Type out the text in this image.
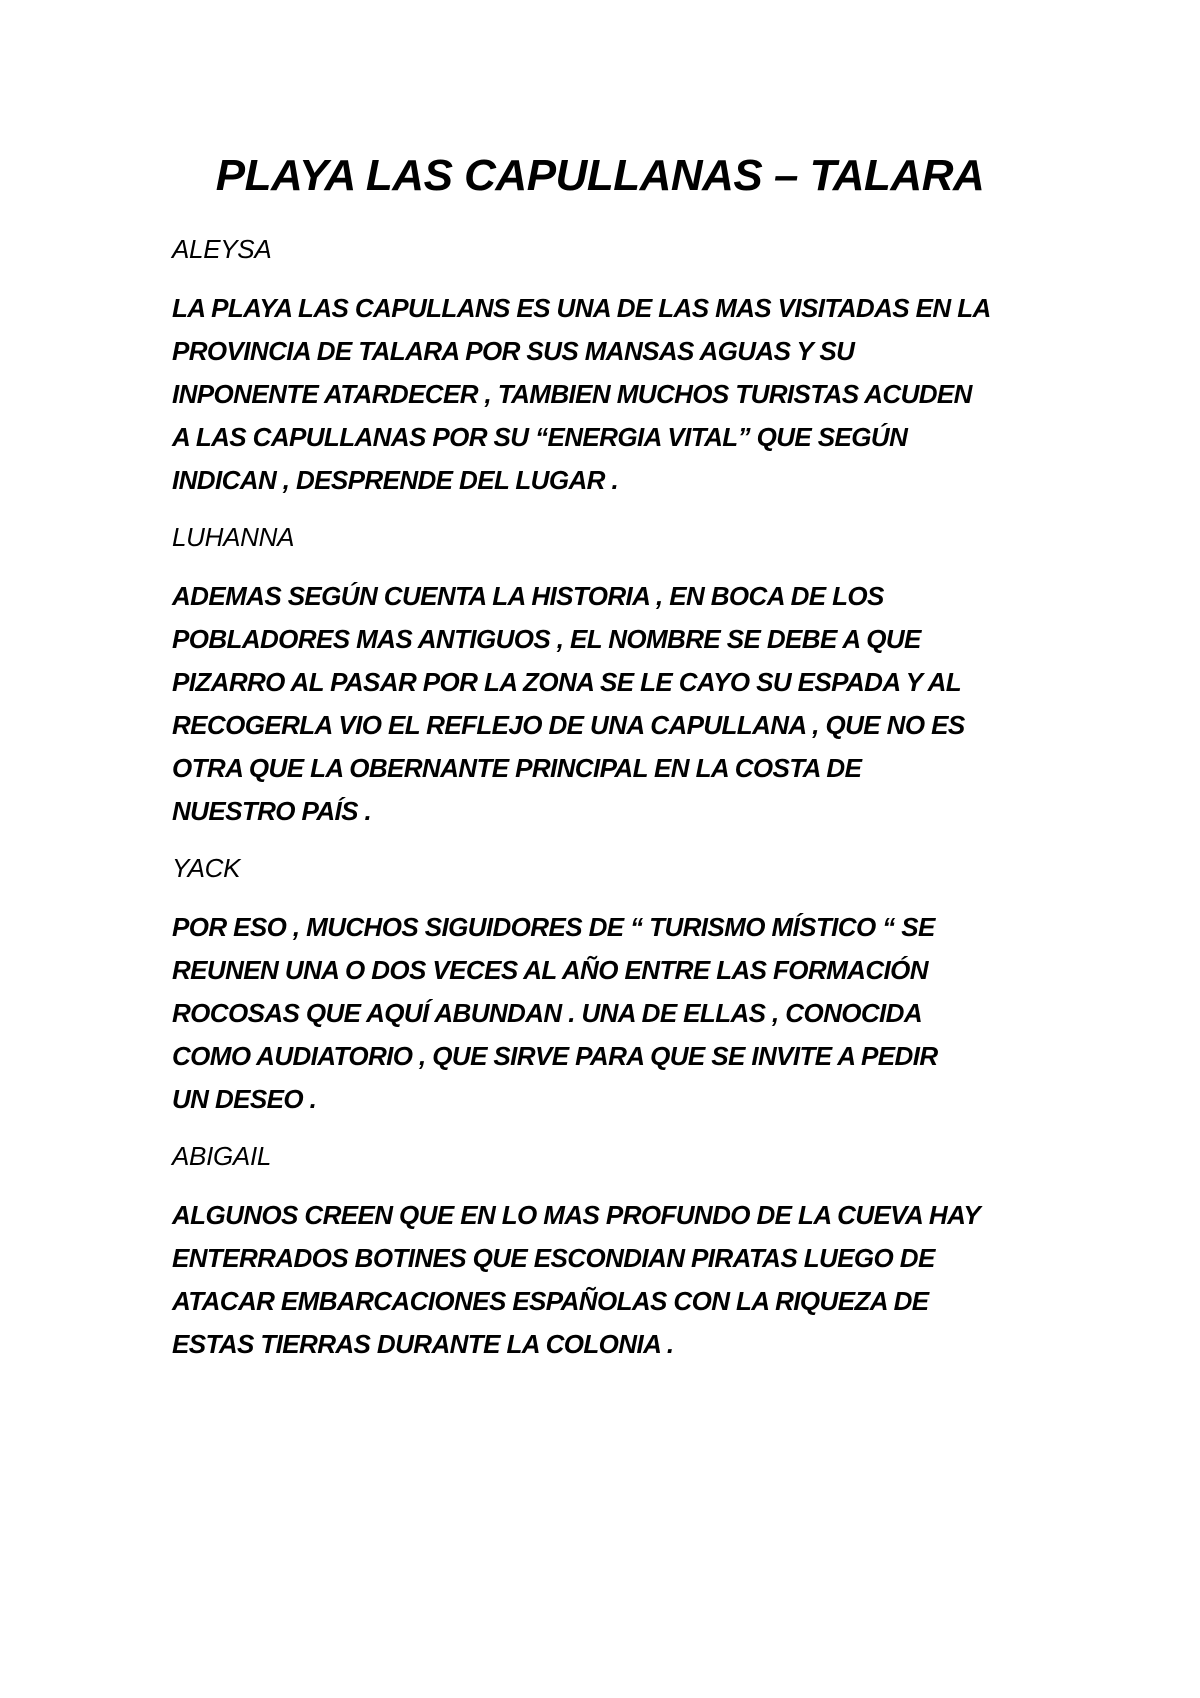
PLAYA LAS CAPULLANAS – TALARA
ALEYSA
LA PLAYA LAS CAPULLANS ES UNA DE LAS MAS VISITADAS EN LA
PROVINCIA DE TALARA POR SUS MANSAS AGUAS Y SU
INPONENTE ATARDECER , TAMBIEN MUCHOS TURISTAS ACUDEN
A LAS CAPULLANAS POR SU “ENERGIA VITAL” QUE SEGÚN
INDICAN , DESPRENDE DEL LUGAR .
LUHANNA
ADEMAS SEGÚN CUENTA LA HISTORIA , EN BOCA DE LOS
POBLADORES MAS ANTIGUOS , EL NOMBRE SE DEBE A QUE
PIZARRO AL PASAR POR LA ZONA SE LE CAYO SU ESPADA Y AL
RECOGERLA VIO EL REFLEJO DE UNA CAPULLANA , QUE NO ES
OTRA QUE LA OBERNANTE PRINCIPAL EN LA COSTA DE
NUESTRO PAÍS .
YACK
POR ESO , MUCHOS SIGUIDORES DE “ TURISMO MÍSTICO “ SE
REUNEN UNA O DOS VECES AL AÑO ENTRE LAS FORMACIÓN
ROCOSAS QUE AQUÍ ABUNDAN . UNA DE ELLAS , CONOCIDA
COMO AUDIATORIO , QUE SIRVE PARA QUE SE INVITE A PEDIR
UN DESEO .
ABIGAIL
ALGUNOS CREEN QUE EN LO MAS PROFUNDO DE LA CUEVA HAY
ENTERRADOS BOTINES QUE ESCONDIAN PIRATAS LUEGO DE
ATACAR EMBARCACIONES ESPAÑOLAS CON LA RIQUEZA DE
ESTAS TIERRAS DURANTE LA COLONIA .
